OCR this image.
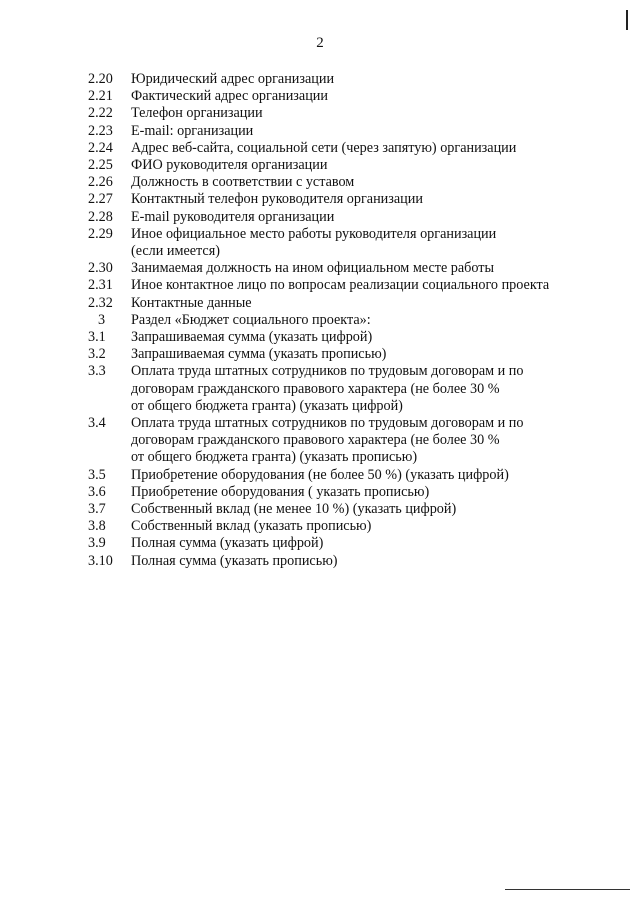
2
2.20	Юридический адрес организации
2.21	Фактический адрес организации
2.22	Телефон организации
2.23	E-mail: организации
2.24	Адрес веб-сайта, социальной сети (через запятую) организации
2.25	ФИО руководителя организации
2.26	Должность в соответствии с уставом
2.27	Контактный телефон руководителя организации
2.28	E-mail руководителя организации
2.29	Иное официальное место работы руководителя организации
(если имеется)
2.30	Занимаемая должность на ином официальном месте работы
2.31	Иное контактное лицо по вопросам реализации социального проекта
2.32	Контактные данные
3	Раздел «Бюджет социального проекта»:
3.1	Запрашиваемая сумма (указать цифрой)
3.2	Запрашиваемая сумма (указать прописью)
3.3	Оплата труда штатных сотрудников по трудовым договорам и по
договорам гражданского правового характера (не более 30 %
от общего бюджета гранта) (указать цифрой)
3.4	Оплата труда штатных сотрудников по трудовым договорам и по
договорам гражданского правового характера (не более 30 %
от общего бюджета гранта) (указать прописью)
3.5	Приобретение оборудования (не более 50 %) (указать цифрой)
3.6	Приобретение оборудования ( указать прописью)
3.7	Собственный вклад (не менее 10 %) (указать цифрой)
3.8	Собственный вклад (указать прописью)
3.9	Полная сумма (указать цифрой)
3.10	Полная сумма (указать прописью)
